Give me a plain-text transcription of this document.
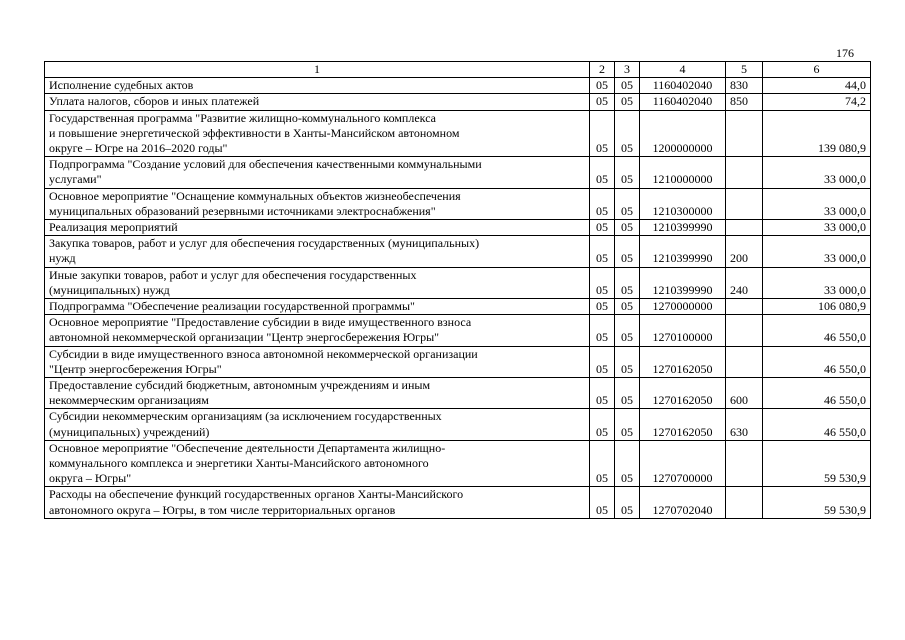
176
1	2	3	4	5	6
Исполнение судебных актов	05	05	1160402040	830	44,0
Уплата налогов, сборов и иных платежей	05	05	1160402040	850	74,2
Государственная программа "Развитие жилищно-коммунального комплекса
и повышение энергетической эффективности в Ханты-Мансийском автономном
округе – Югре на 2016–2020 годы"	05	05	1200000000		139 080,9
Подпрограмма "Создание условий для обеспечения качественными коммунальными
услугами"	05	05	1210000000		33 000,0
Основное мероприятие "Оснащение коммунальных объектов жизнеобеспечения
муниципальных образований резервными источниками электроснабжения"	05	05	1210300000		33 000,0
Реализация мероприятий	05	05	1210399990		33 000,0
Закупка товаров, работ и услуг для обеспечения государственных (муниципальных)
нужд	05	05	1210399990	200	33 000,0
Иные закупки товаров, работ и услуг для обеспечения государственных
(муниципальных) нужд	05	05	1210399990	240	33 000,0
Подпрограмма "Обеспечение реализации государственной программы"	05	05	1270000000		106 080,9
Основное мероприятие "Предоставление субсидии в виде имущественного взноса
автономной некоммерческой организации "Центр энергосбережения Югры"	05	05	1270100000		46 550,0
Субсидии в виде имущественного взноса автономной некоммерческой организации
"Центр энергосбережения Югры"	05	05	1270162050		46 550,0
Предоставление субсидий бюджетным, автономным учреждениям и иным
некоммерческим организациям	05	05	1270162050	600	46 550,0
Субсидии некоммерческим организациям (за исключением государственных
(муниципальных) учреждений)	05	05	1270162050	630	46 550,0
Основное мероприятие "Обеспечение деятельности Департамента жилищно-
коммунального комплекса и энергетики Ханты-Мансийского автономного
округа – Югры"	05	05	1270700000		59 530,9
Расходы на обеспечение функций государственных органов Ханты-Мансийского
автономного округа – Югры, в том числе территориальных органов	05	05	1270702040		59 530,9
